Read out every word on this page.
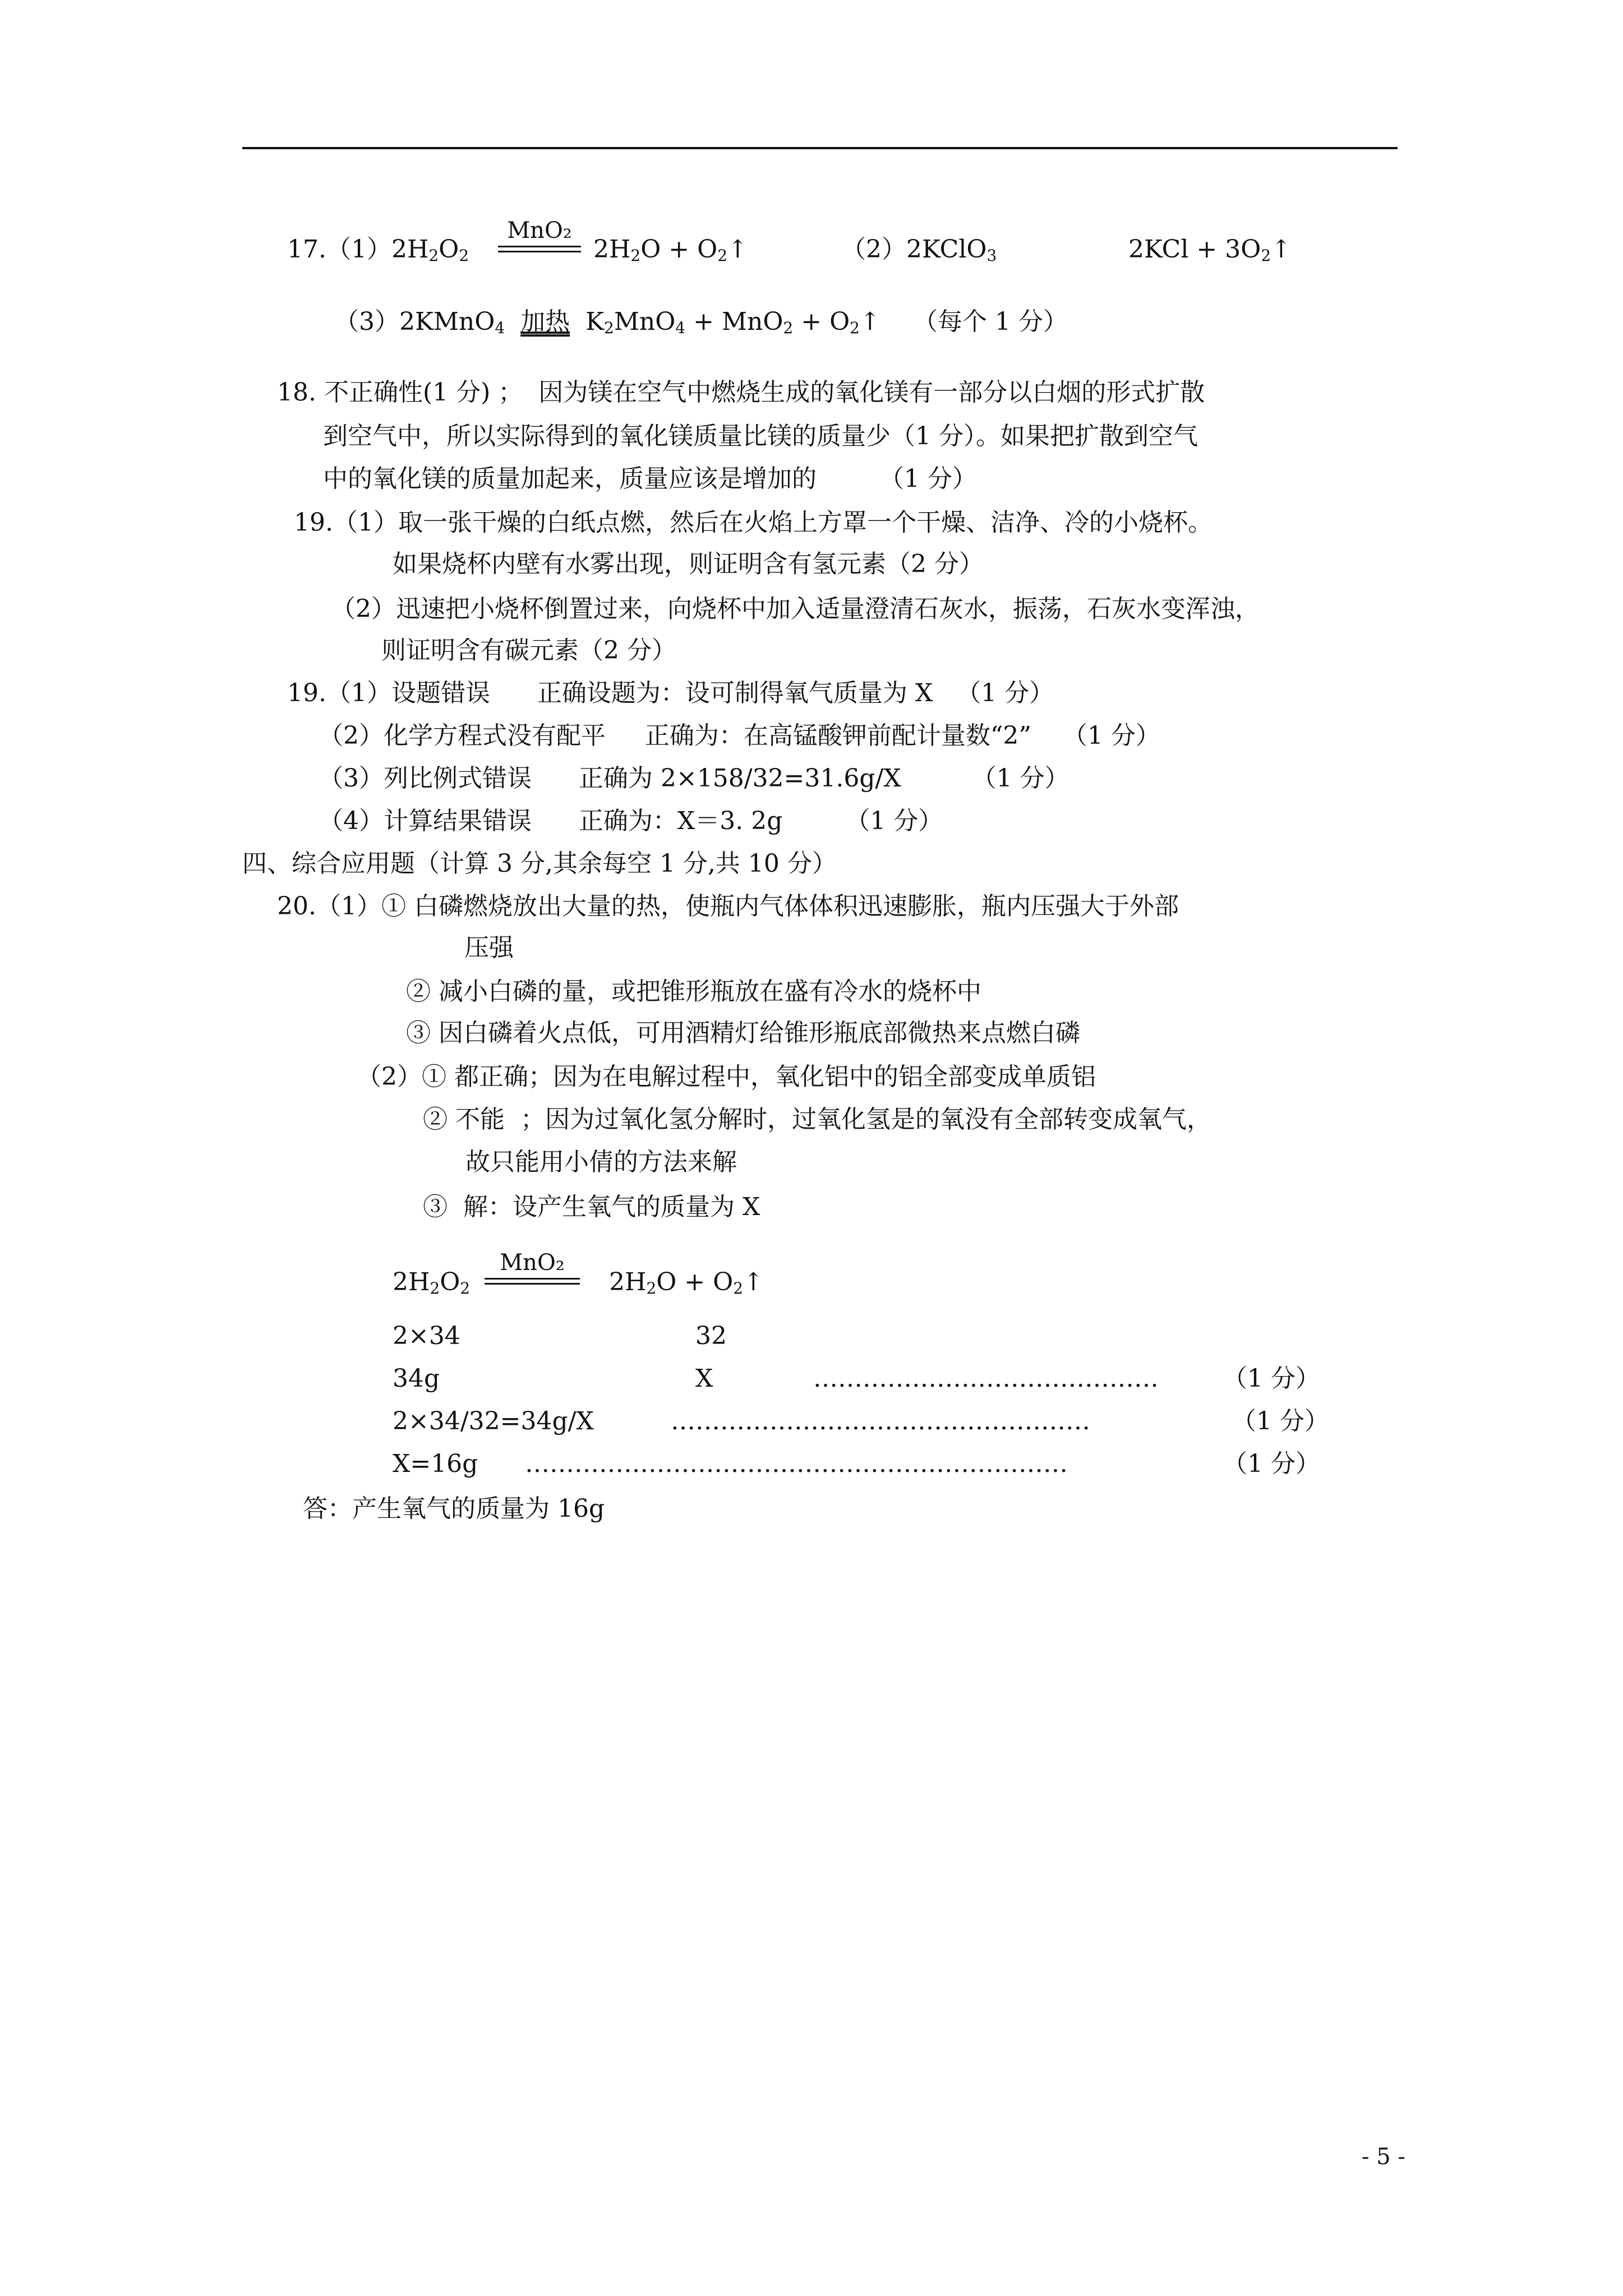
$17.(1)2H_2O_2$
MnO₂
$2H_2O$ + $O_2↑$	（2）2KClO$_3$	$2KCl + 3O_2↑$
（3）2KMnO$_4$ 加热  $K_2MnO_4 + MnO_2$ + $O_2↑$ （每个 1 分）
18. 不正确性(1 分) ；  因为镁在空气中燃烧生成的氧化镁有一部分以白烟的形式扩散
到空气中，所以实际得到的氧化镁质量比镁的质量少（1 分）。如果把扩散到空气
中的氧化镁的质量加起来，质量应该是增加的        （1 分）
19.（1）取一张干燥的白纸点燃，然后在火焰上方罩一个干燥、洁净、冷的小烧杯。
如果烧杯内壁有水雾出现，则证明含有氢元素（2 分）
（2）迅速把小烧杯倒置过来，向烧杯中加入适量澄清石灰水，振荡，石灰水变浑浊，
则证明含有碳元素（2 分）
19.（1）设题错误      正确设题为：设可制得氧气质量为 X   （1 分）
（2）化学方程式没有配平     正确为：在高锰酸钾前配计量数“2”    （1 分）
（3）列比例式错误      正确为 2×158/32=31.6g/X         （1 分）
（4）计算结果错误      正确为：X＝3. 2g        （1 分）
四、综合应用题（计算 3 分,其余每空 1 分,共 10 分）
20.（1）① 白磷燃烧放出大量的热，使瓶内气体体积迅速膨胀，瓶内压强大于外部
压强
② 减小白磷的量，或把锥形瓶放在盛有冷水的烧杯中
③ 因白磷着火点低，可用酒精灯给锥形瓶底部微热来点燃白磷
（2）① 都正确；因为在电解过程中，氧化铝中的铝全部变成单质铝
② 不能  ；因为过氧化氢分解时，过氧化氢是的氧没有全部转变成氧气，
故只能用小倩的方法来解
③  解：设产生氧气的质量为 X
$2H_2O_2$
MnO₂
$2H_2O$ + $O_2↑$
2×34	32
34g	X	……………………………………	（1 分）
2×34/32=34g/X	……………………………………………	（1 分）
X=16g …………………………………………………………	（1 分）
答：产生氧气的质量为 16g
- 5 -
